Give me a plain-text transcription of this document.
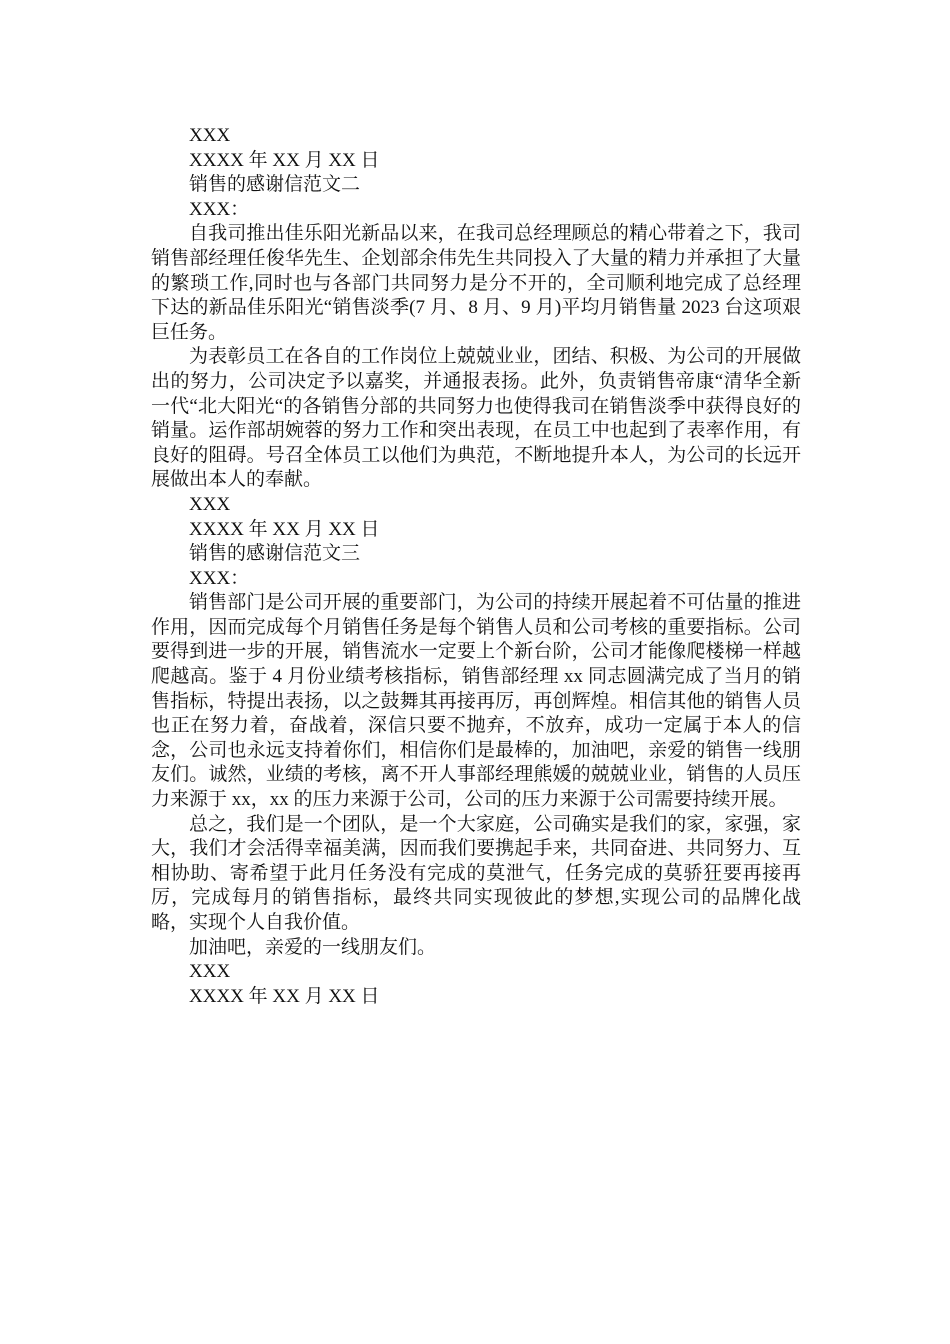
XXX

XXXX 年 XX 月 XX 日

销售的感谢信范文二

XXX：

自我司推出佳乐阳光新品以来，在我司总经理顾总的精心带着之下，我司销售部经理任俊华先生、企划部余伟先生共同投入了大量的精力并承担了大量的繁琐工作,同时也与各部门共同努力是分不开的，全司顺利地完成了总经理下达的新品佳乐阳光“销售淡季(7 月、8 月、9 月)平均月销售量 2023 台这项艰巨任务。

为表彰员工在各自的工作岗位上兢兢业业，团结、积极、为公司的开展做出的努力，公司决定予以嘉奖，并通报表扬。此外，负责销售帝康“清华全新一代“北大阳光“的各销售分部的共同努力也使得我司在销售淡季中获得良好的销量。运作部胡婉蓉的努力工作和突出表现，在员工中也起到了表率作用，有良好的阻碍。号召全体员工以他们为典范，不断地提升本人，为公司的长远开展做出本人的奉献。

XXX

XXXX 年 XX 月 XX 日

销售的感谢信范文三

XXX：

销售部门是公司开展的重要部门，为公司的持续开展起着不可估量的推进作用，因而完成每个月销售任务是每个销售人员和公司考核的重要指标。公司要得到进一步的开展，销售流水一定要上个新台阶，公司才能像爬楼梯一样越爬越高。鉴于 4 月份业绩考核指标，销售部经理 xx 同志圆满完成了当月的销售指标，特提出表扬，以之鼓舞其再接再厉，再创辉煌。相信其他的销售人员也正在努力着，奋战着，深信只要不抛弃，不放弃，成功一定属于本人的信念，公司也永远支持着你们，相信你们是最棒的，加油吧，亲爱的销售一线朋友们。诚然，业绩的考核，离不开人事部经理熊媛的兢兢业业，销售的人员压力来源于 xx，xx 的压力来源于公司，公司的压力来源于公司需要持续开展。

总之，我们是一个团队，是一个大家庭，公司确实是我们的家，家强，家大，我们才会活得幸福美满，因而我们要携起手来，共同奋进、共同努力、互相协助、寄希望于此月任务没有完成的莫泄气，任务完成的莫骄狂要再接再厉，完成每月的销售指标，最终共同实现彼此的梦想,实现公司的品牌化战略，实现个人自我价值。

加油吧，亲爱的一线朋友们。

XXX

XXXX 年 XX 月 XX 日
